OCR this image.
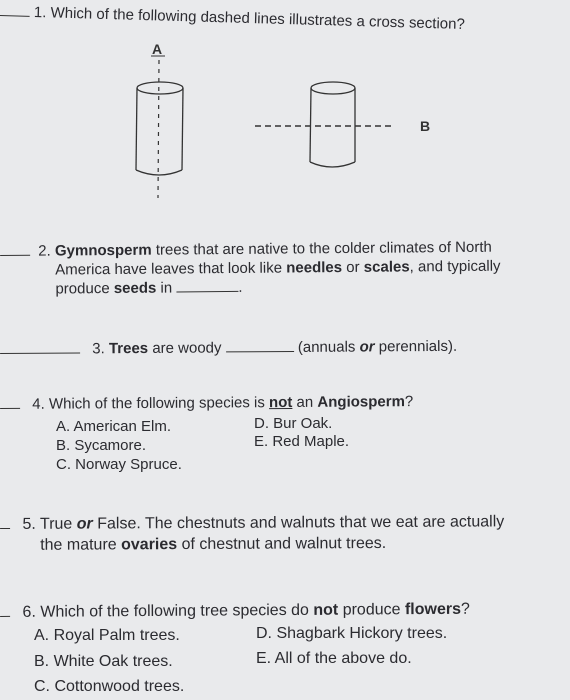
1. Which of the following dashed lines illustrates a cross section?
A
B
2. Gymnosperm trees that are native to the colder climates of North
America have leaves that look like needles or scales, and typically
produce seeds in	.
3. Trees are woody	(annuals or perennials).
4. Which of the following species is not an Angiosperm?
A. American Elm.
B. Sycamore.
C. Norway Spruce.
D. Bur Oak.
E. Red Maple.
5. True or False. The chestnuts and walnuts that we eat are actually
the mature ovaries of chestnut and walnut trees.
6. Which of the following tree species do not produce flowers?
A. Royal Palm trees.
B. White Oak trees.
C. Cottonwood trees.
D. Shagbark Hickory trees.
E. All of the above do.
